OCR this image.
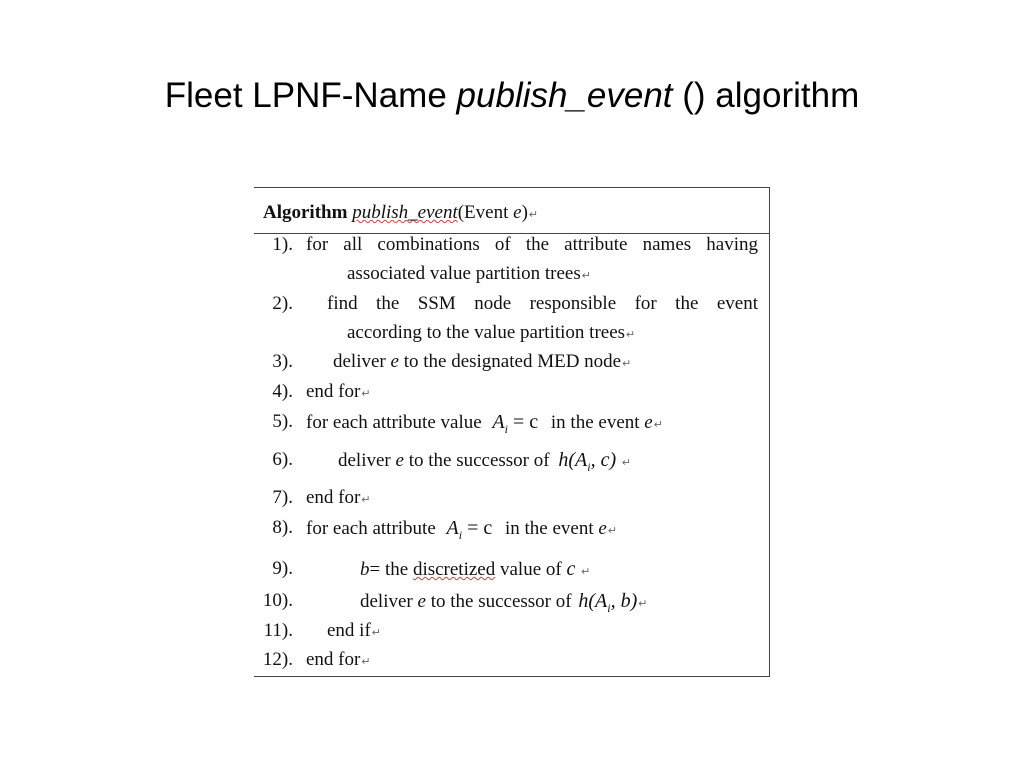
Fleet LPNF-Name publish_event () algorithm
Algorithm publish_event(Event e)↵
1). for all combinations of the attribute names having
associated value partition trees↵
2). find the SSM node responsible for the event
according to the value partition trees↵
3). deliver e to the designated MED node↵
4). end for↵
5). for each attribute value $A_i = c$ in the event e↵
6). deliver e to the successor of $h(A_i$, c) ↵
7). end for↵
8). for each attribute $A_i = c$ in the event e↵
9).	b= the discretized value of c ↵
10).	deliver e to the successor of $h(A_i$, b)↵
11). end if↵
12). end for↵
